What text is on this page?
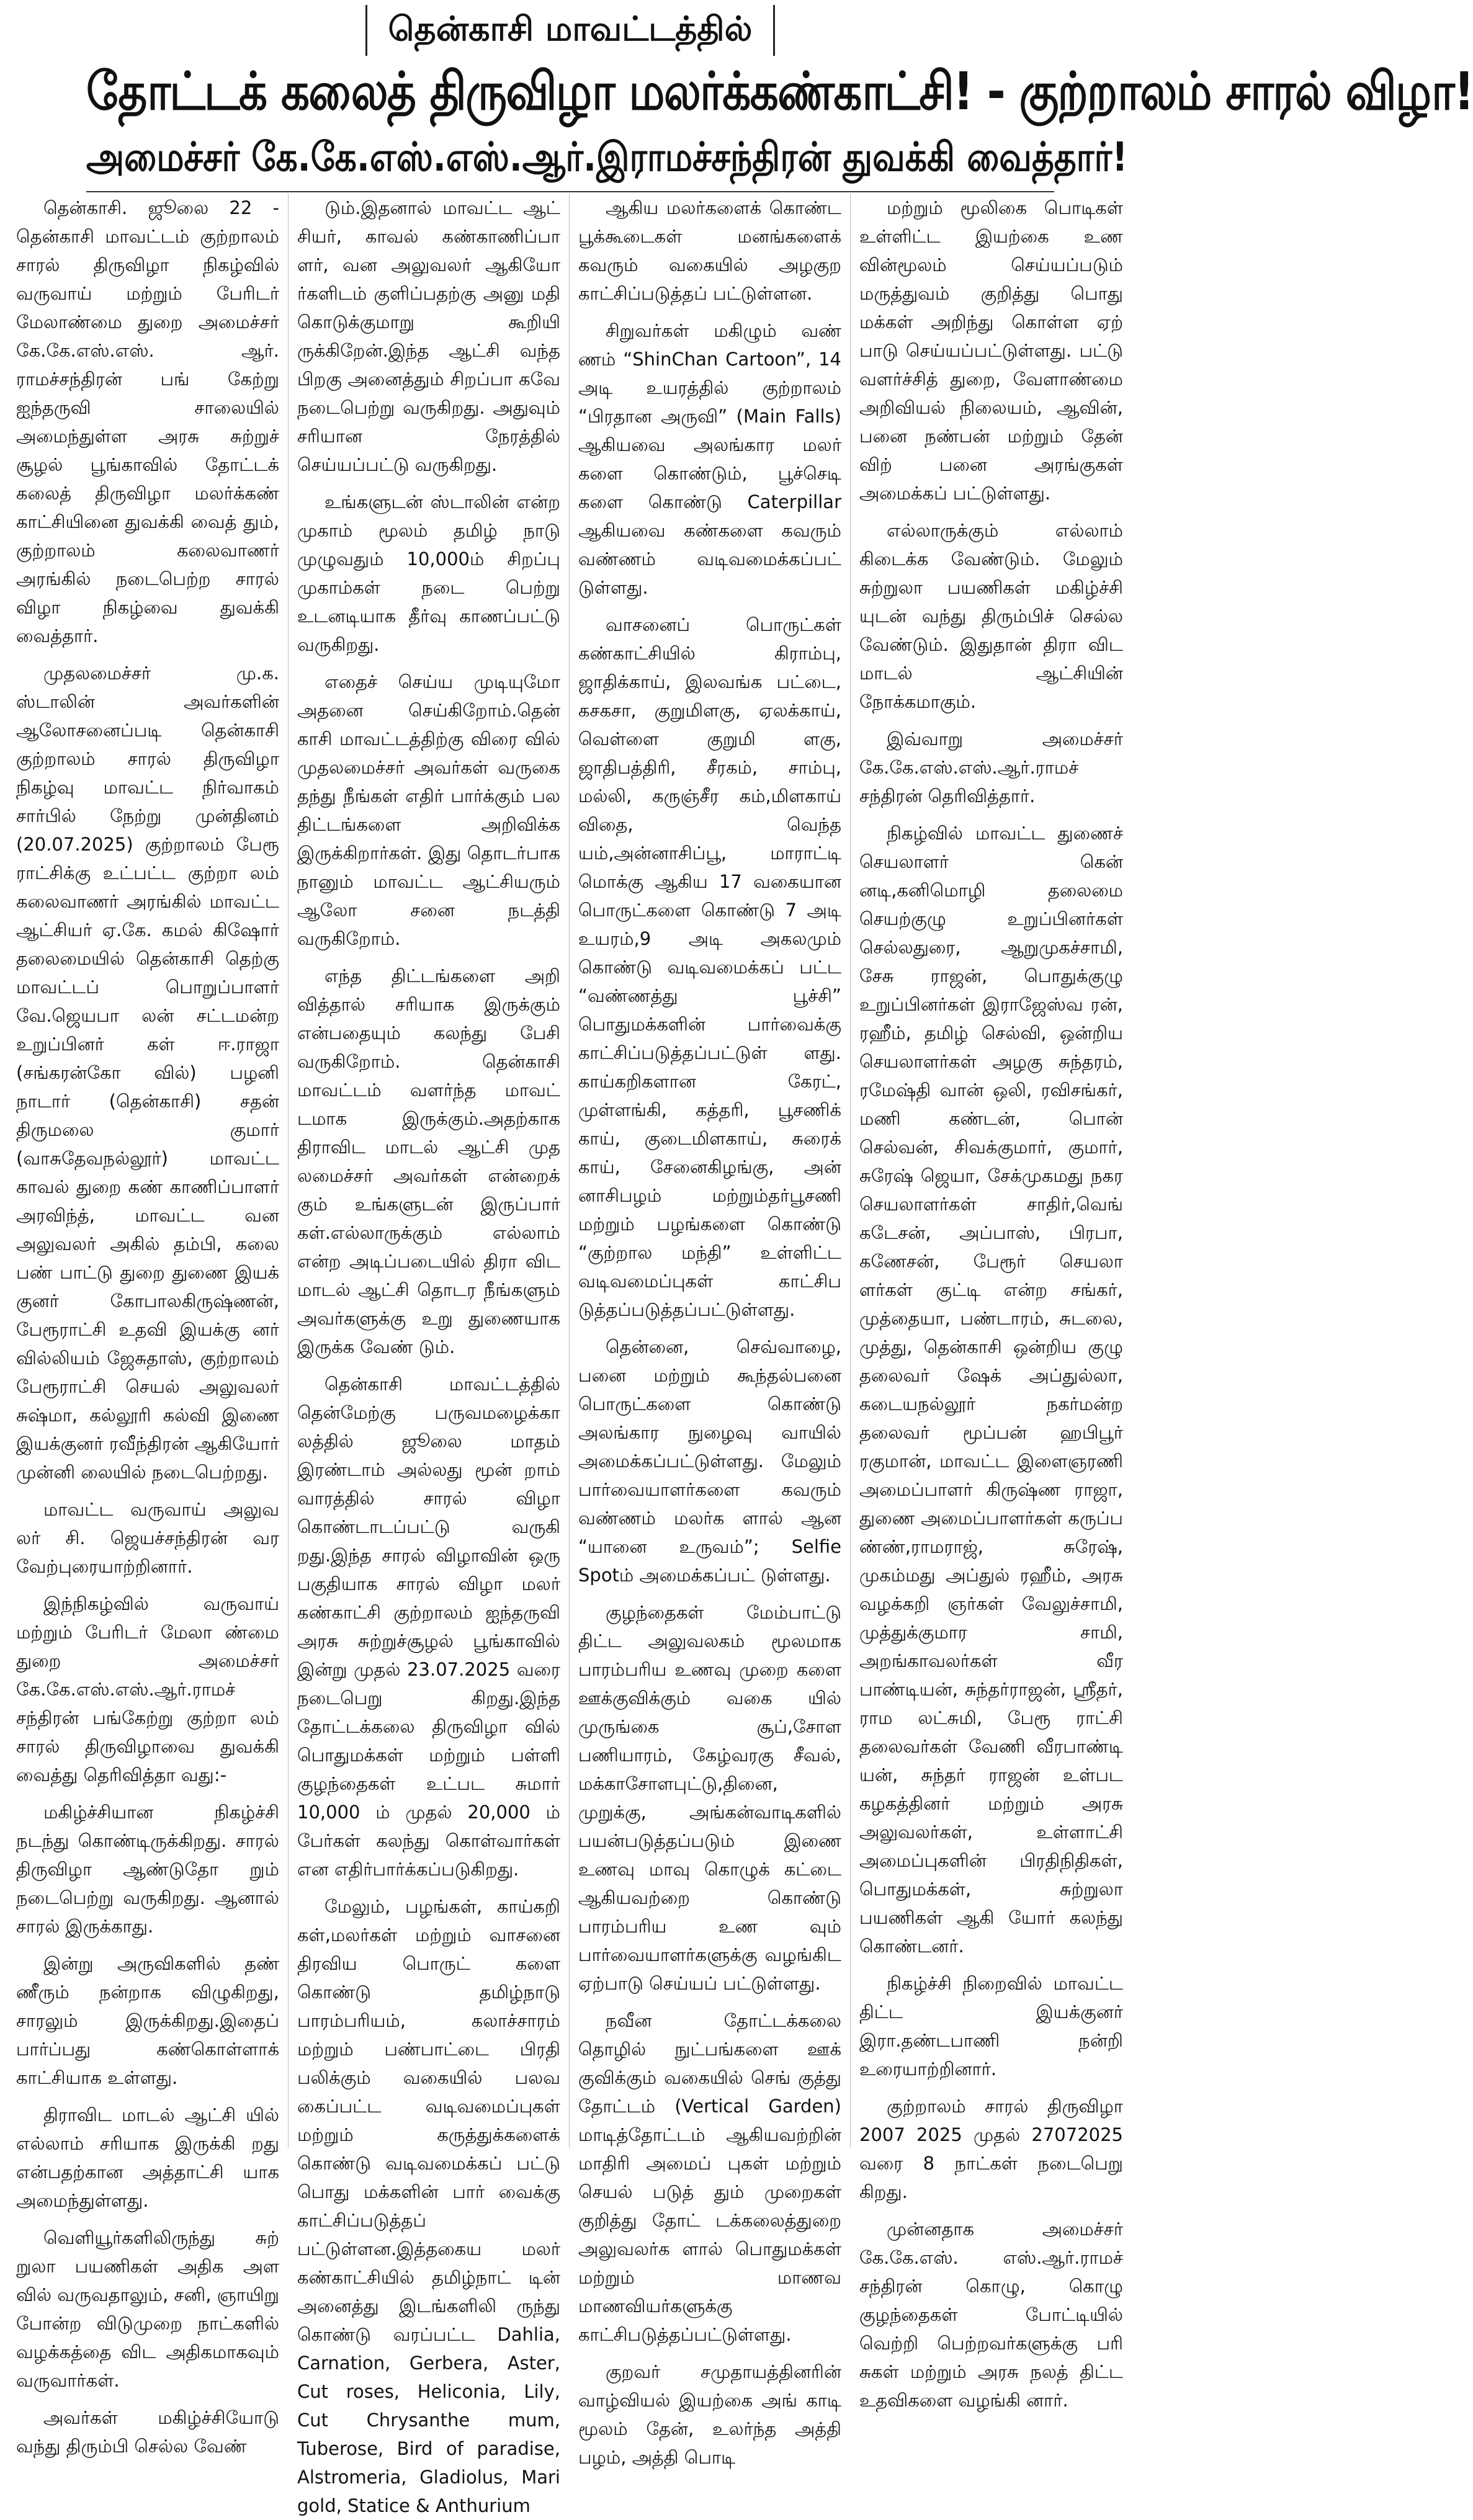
தென்காசி மாவட்டத்தில்
தோட்டக் கலைத் திருவிழா மலர்க்கண்காட்சி! - குற்றாலம் சாரல் விழா!
அமைச்சர் கே.கே.எஸ்.எஸ்.ஆர்.இராமச்சந்திரன் துவக்கி வைத்தார்!

தென்காசி. ஜூலை 22 - தென்காசி மாவட்டம் குற்றாலம் சாரல் திருவிழா நிகழ்வில் வருவாய் மற்றும் பேரிடர் மேலாண்மை துறை அமைச்சர் கே.கே.எஸ்.எஸ். ஆர். ராமச்சந்திரன் பங் கேற்று ஐந்தருவி சாலையில் அமைந்துள்ள அரசு சுற்றுச் சூழல் பூங்காவில் தோட்டக் கலைத் திருவிழா மலர்க்கண் காட்சியினை துவக்கி வைத் தும், குற்றாலம் கலைவாணர் அரங்கில் நடைபெற்ற சாரல் விழா நிகழ்வை துவக்கி வைத்தார்.

முதலமைச்சர் மு.க. ஸ்டாலின் அவர்களின் ஆலோசனைப்படி தென்காசி குற்றாலம் சாரல் திருவிழா நிகழ்வு மாவட்ட நிர்வாகம் சார்பில் நேற்று முன்தினம் (20.07.2025) குற்றாலம் பேரூ ராட்சிக்கு உட்பட்ட குற்றா லம் கலைவாணர் அரங்கில் மாவட்ட ஆட்சியர் ஏ.கே. கமல் கிஷோர் தலைமையில் தென்காசி தெற்கு மாவட்டப் பொறுப்பாளர் வே.ஜெயபா லன் சட்டமன்ற உறுப்பினர் கள் ஈ.ராஜா (சங்கரன்கோ வில்) பழனி நாடார் (தென்காசி) சதன் திருமலை குமார் (வாசுதேவநல்லூர்) மாவட்ட காவல் துறை கண் காணிப்பாளர் அரவிந்த், மாவட்ட வன அலுவலர் அகில் தம்பி, கலை பண் பாட்டு துறை துணை இயக் குனர் கோபாலகிருஷ்ணன், பேரூராட்சி உதவி இயக்கு னர் வில்லியம் ஜேசுதாஸ், குற்றாலம் பேரூராட்சி செயல் அலுவலர் சுஷ்மா, கல்லூரி கல்வி இணை இயக்குனர் ரவீந்திரன் ஆகியோர் முன்னி லையில் நடைபெற்றது.

மாவட்ட வருவாய் அலுவ லர் சி. ஜெயச்சந்திரன் வர வேற்புரையாற்றினார்.

இந்நிகழ்வில் வருவாய் மற்றும் பேரிடர் மேலா ண்மை துறை அமைச்சர் கே.கே.எஸ்.எஸ்.ஆர்.ராமச் சந்திரன் பங்கேற்று குற்றா லம் சாரல் திருவிழாவை துவக்கி வைத்து தெரிவித்தா வது:-

மகிழ்ச்சியான நிகழ்ச்சி நடந்து கொண்டிருக்கிறது. சாரல் திருவிழா ஆண்டுதோ றும் நடைபெற்று வருகிறது. ஆனால் சாரல் இருக்காது.

இன்று அருவிகளில் தண் ணீரும் நன்றாக விழுகிறது, சாரலும் இருக்கிறது.இதைப் பார்ப்பது கண்கொள்ளாக் காட்சியாக உள்ளது.

திராவிட மாடல் ஆட்சி யில் எல்லாம் சரியாக இருக்கி றது என்பதற்கான அத்தாட்சி யாக அமைந்துள்ளது.

வெளியூர்களிலிருந்து சுற் றுலா பயணிகள் அதிக அள வில் வருவதாலும், சனி, ஞாயிறு போன்ற விடுமுறை நாட்களில் வழக்கத்தை விட அதிகமாகவும் வருவார்கள்.

அவர்கள் மகிழ்ச்சியோடு வந்து திரும்பி செல்ல வேண்

டும்.இதனால் மாவட்ட ஆட் சியர், காவல் கண்காணிப்பா ளர், வன அலுவலர் ஆகியோ ர்களிடம் குளிப்பதற்கு அனு மதி கொடுக்குமாறு கூறியி ருக்கிறேன்.இந்த ஆட்சி வந்த பிறகு அனைத்தும் சிறப்பா கவே நடைபெற்று வருகிறது. அதுவும் சரியான நேரத்தில் செய்யப்பட்டு வருகிறது.

உங்களுடன் ஸ்டாலின் என்ற முகாம் மூலம் தமிழ் நாடு முழுவதும் 10,000ம் சிறப்பு முகாம்கள் நடை பெற்று உடனடியாக தீர்வு காணப்பட்டு வருகிறது.

எதைச் செய்ய முடியுமோ அதனை செய்கிறோம்.தென் காசி மாவட்டத்திற்கு விரை வில் முதலமைச்சர் அவர்கள் வருகை தந்து நீங்கள் எதிர் பார்க்கும் பல திட்டங்களை அறிவிக்க இருக்கிறார்கள். இது தொடர்பாக நானும் மாவட்ட ஆட்சியரும் ஆலோ சனை நடத்தி வருகிறோம்.

எந்த திட்டங்களை அறி வித்தால் சரியாக இருக்கும் என்பதையும் கலந்து பேசி வருகிறோம். தென்காசி மாவட்டம் வளர்ந்த மாவட் டமாக இருக்கும்.அதற்காக திராவிட மாடல் ஆட்சி முத லமைச்சர் அவர்கள் என்றைக் கும் உங்களுடன் இருப்பார் கள்.எல்லாருக்கும் எல்லாம் என்ற அடிப்படையில் திரா விட மாடல் ஆட்சி தொடர நீங்களும் அவர்களுக்கு உறு துணையாக இருக்க வேண் டும்.

தென்காசி மாவட்டத்தில் தென்மேற்கு பருவமழைக்கா லத்தில் ஜூலை மாதம் இரண்டாம் அல்லது மூன் றாம் வாரத்தில் சாரல் விழா கொண்டாடப்பட்டு வருகி றது.இந்த சாரல் விழாவின் ஒரு பகுதியாக சாரல் விழா மலர் கண்காட்சி குற்றாலம் ஐந்தருவி அரசு சுற்றுச்சூழல் பூங்காவில் இன்று முதல் 23.07.2025 வரை நடைபெறு கிறது.இந்த தோட்டக்கலை திருவிழா வில் பொதுமக்கள் மற்றும் பள்ளி குழந்தைகள் உட்பட சுமார் 10,000 ம் முதல் 20,000 ம் பேர்கள் கலந்து கொள்வார்கள் என எதிர்பார்க்கப்படுகிறது.

மேலும், பழங்கள், காய்கறி கள்,மலர்கள் மற்றும் வாசனை திரவிய பொருட் களை கொண்டு தமிழ்நாடு பாரம்பரியம், கலாச்சாரம் மற்றும் பண்பாட்டை பிரதி பலிக்கும் வகையில் பலவ கைப்பட்ட வடிவமைப்புகள் மற்றும் கருத்துக்களைக் கொண்டு வடிவமைக்கப் பட்டு பொது மக்களின் பார் வைக்கு காட்சிப்படுத்தப் பட்டுள்ளன.இத்தகைய மலர் கண்காட்சியில் தமிழ்நாட் டின் அனைத்து இடங்களிலி ருந்து கொண்டு வரப்பட்ட Dahlia, Carnation, Gerbera, Aster, Cut roses, Heliconia, Lily, Cut Chrysanthe mum, Tuberose, Bird of paradise, Alstromeria, Gladiolus, Mari gold, Statice & Anthurium

ஆகிய மலர்களைக் கொண்ட பூக்கூடைகள் மனங்களைக் கவரும் வகையில் அழகுற காட்சிப்படுத்தப் பட்டுள்ளன.

சிறுவர்கள் மகிழும் வண் ணம் “ShinChan Cartoon”, 14 அடி உயரத்தில் குற்றாலம் “பிரதான அருவி” (Main Falls) ஆகியவை அலங்கார மலர் களை கொண்டும், பூச்செடி களை கொண்டு Caterpillar ஆகியவை கண்களை கவரும் வண்ணம் வடிவமைக்கப்பட் டுள்ளது.

வாசனைப் பொருட்கள் கண்காட்சியில் கிராம்பு, ஜாதிக்காய், இலவங்க பட்டை, கசகசா, குறுமிளகு, ஏலக்காய், வெள்ளை குறுமி ளகு, ஜாதிபத்திரி, சீரகம், சாம்பு, மல்லி, கருஞ்சீர கம்,மிளகாய் விதை, வெந்த யம்,அன்னாசிப்பூ, மாராட்டி மொக்கு ஆகிய 17 வகையான பொருட்களை கொண்டு 7 அடி உயரம்,9 அடி அகலமும் கொண்டு வடிவமைக்கப் பட்ட “வண்ணத்து பூச்சி” பொதுமக்களின் பார்வைக்கு காட்சிப்படுத்தப்பட்டுள் ளது. காய்கறிகளான கேரட், முள்ளங்கி, கத்தரி, பூசணிக் காய், குடைமிளகாய், சுரைக் காய், சேனைகிழங்கு, அன் னாசிபழம் மற்றும்தர்பூசணி மற்றும் பழங்களை கொண்டு “குற்றால மந்தி” உள்ளிட்ட வடிவமைப்புகள் காட்சிப டுத்தப்படுத்தப்பட்டுள்ளது.

தென்னை, செவ்வாழை, பனை மற்றும் கூந்தல்பனை பொருட்களை கொண்டு அலங்கார நுழைவு வாயில் அமைக்கப்பட்டுள்ளது. மேலும் பார்வையாளர்களை கவரும் வண்ணம் மலர்க ளால் ஆன “யானை உருவம்”; Selfie Spotம் அமைக்கப்பட் டுள்ளது.

குழந்தைகள் மேம்பாட்டு திட்ட அலுவலகம் மூலமாக பாரம்பரிய உணவு முறை களை ஊக்குவிக்கும் வகை யில் முருங்கை சூப்,சோள பணியாரம், கேழ்வரகு சீவல், மக்காசோளபுட்டு,தினை, முறுக்கு, அங்கன்வாடிகளில் பயன்படுத்தப்படும் இணை உணவு மாவு கொழுக் கட்டை ஆகியவற்றை கொண்டு பாரம்பரிய உண வும் பார்வையாளர்களுக்கு வழங்கிட ஏற்பாடு செய்யப் பட்டுள்ளது.

நவீன தோட்டக்கலை தொழில் நுட்பங்களை ஊக் குவிக்கும் வகையில் செங் குத்து தோட்டம் (Vertical Garden) மாடித்தோட்டம் ஆகியவற்றின் மாதிரி அமைப் புகள் மற்றும் செயல் படுத் தும் முறைகள் குறித்து தோட் டக்கலைத்துறை அலுவலர்க ளால் பொதுமக்கள் மற்றும் மாணவ மாணவியர்களுக்கு காட்சிபடுத்தப்பட்டுள்ளது.

குறவர் சமுதாயத்தினரின் வாழ்வியல் இயற்கை அங் காடி மூலம் தேன், உலர்ந்த அத்தி பழம், அத்தி பொடி

மற்றும் மூலிகை பொடிகள் உள்ளிட்ட இயற்கை உண வின்மூலம் செய்யப்படும் மருத்துவம் குறித்து பொது மக்கள் அறிந்து கொள்ள ஏற் பாடு செய்யப்பட்டுள்ளது. பட்டு வளர்ச்சித் துறை, வேளாண்மை அறிவியல் நிலையம், ஆவின், பனை நண்பன் மற்றும் தேன் விற் பனை அரங்குகள் அமைக்கப் பட்டுள்ளது.

எல்லாருக்கும் எல்லாம் கிடைக்க வேண்டும். மேலும் சுற்றுலா பயணிகள் மகிழ்ச்சி யுடன் வந்து திரும்பிச் செல்ல வேண்டும். இதுதான் திரா விட மாடல் ஆட்சியின் நோக்கமாகும்.

இவ்வாறு அமைச்சர் கே.கே.எஸ்.எஸ்.ஆர்.ராமச் சந்திரன் தெரிவித்தார்.

நிகழ்வில் மாவட்ட துணைச் செயலாளர் கென் னடி,கனிமொழி தலைமை செயற்குழு உறுப்பினர்கள் செல்லதுரை, ஆறுமுகச்சாமி, சேசு ராஜன், பொதுக்குழு உறுப்பினர்கள் இராஜேஸ்வ ரன், ரஹீம், தமிழ் செல்வி, ஒன்றிய செயலாளர்கள் அழகு சுந்தரம், ரமேஷ்தி வான் ஒலி, ரவிசங்கர், மணி கண்டன், பொன் செல்வன், சிவக்குமார், குமார், சுரேஷ் ஜெயா, சேக்முகமது நகர செயலாளர்கள் சாதிர்,வெங் கடேசன், அப்பாஸ், பிரபா, கணேசன், பேரூர் செயலா ளர்கள் குட்டி என்ற சங்கர், முத்தையா, பண்டாரம், சுடலை, முத்து, தென்காசி ஒன்றிய குழு தலைவர் ஷேக் அப்துல்லா, கடையநல்லூர் நகர்மன்ற தலைவர் மூப்பன் ஹபிபூர் ரகுமான், மாவட்ட இளைஞரணி அமைப்பாளர் கிருஷ்ண ராஜா, துணை அமைப்பாளர்கள் கருப்ப ண்ண்,ராமராஜ், சுரேஷ், முகம்மது அப்துல் ரஹீம், அரசு வழக்கறி ஞர்கள் வேலுச்சாமி, முத்துக்குமார சாமி, அறங்காவலர்கள் வீர பாண்டியன், சுந்தர்ராஜன், ஸ்ரீதர், ராம லட்சுமி, பேரூ ராட்சி தலைவர்கள் வேணி வீரபாண்டி யன், சுந்தர் ராஜன் உள்பட கழகத்தினர் மற்றும் அரசு அலுவலர்கள், உள்ளாட்சி அமைப்புகளின் பிரதிநிதிகள், பொதுமக்கள், சுற்றுலா பயணிகள் ஆகி யோர் கலந்து கொண்டனர்.

நிகழ்ச்சி நிறைவில் மாவட்ட திட்ட இயக்குனர் இரா.தண்டபாணி நன்றி உரையாற்றினார்.

குற்றாலம் சாரல் திருவிழா 2007 2025 முதல் 27072025 வரை 8 நாட்கள் நடைபெறு கிறது.

முன்னதாக அமைச்சர் கே.கே.எஸ். எஸ்.ஆர்.ராமச் சந்திரன் கொழு, கொழு குழந்தைகள் போட்டியில் வெற்றி பெற்றவர்களுக்கு பரி சுகள் மற்றும் அரசு நலத் திட்ட உதவிகளை வழங்கி னார்.
